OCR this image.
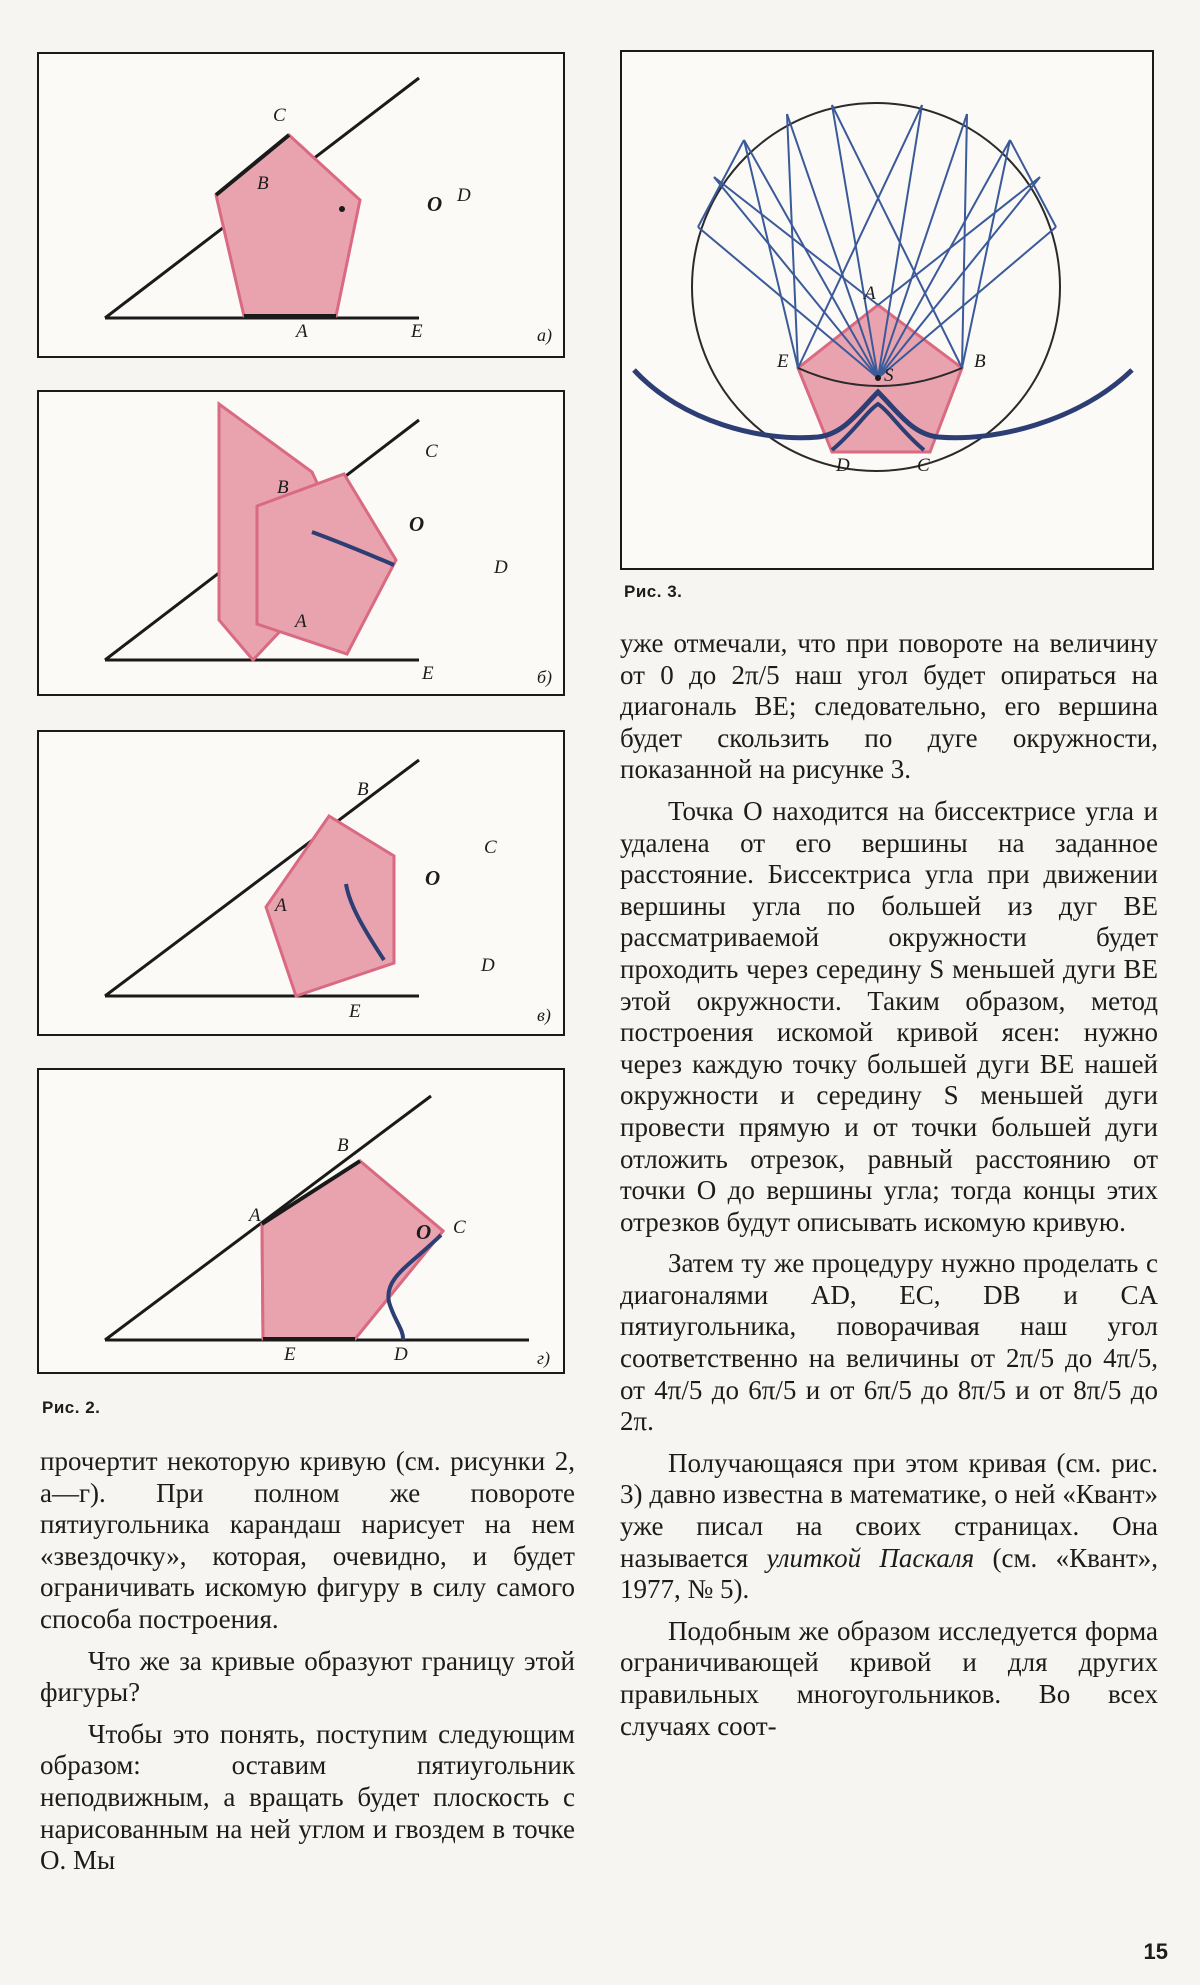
C
B
D
O
A	E	а)
C
B
O
D
A
E	б)
B
C
O
A
D
E	в)
B
A
O C
E	D	г)
Рис. 2.
A
E	B
S
D	C
Рис. 3.

прочертит некоторую кривую (см. рисунки 2, а—г). При полном же повороте пятиугольника карандаш нарисует на нем «звездочку», которая, очевидно, и будет ограничивать искомую фигуру в силу самого способа построения.

Что же за кривые образуют границу этой фигуры?

Чтобы это понять, поступим следующим образом: оставим пятиугольник неподвижным, а вращать будет плоскость с нарисованным на ней углом и гвоздем в точке О. Мы

уже отмечали, что при повороте на величину от 0 до 2π/5 наш угол будет опираться на диагональ BE; следовательно, его вершина будет скользить по дуге окружности, показанной на рисунке 3.

Точка О находится на биссектрисе угла и удалена от его вершины на заданное расстояние. Биссектриса угла при движении вершины угла по большей из дуг BE рассматриваемой окружности будет проходить через середину S меньшей дуги BE этой окружности. Таким образом, метод построения искомой кривой ясен: нужно через каждую точку большей дуги BE нашей окружности и середину S меньшей дуги провести прямую и от точки большей дуги отложить отрезок, равный расстоянию от точки О до вершины угла; тогда концы этих отрезков будут описывать искомую кривую.

Затем ту же процедуру нужно проделать с диагоналями AD, EC, DB и CA пятиугольника, поворачивая наш угол соответственно на величины от 2π/5 до 4π/5, от 4π/5 до 6π/5 и от 6π/5 до 8π/5 и от 8π/5 до 2π.

Получающаяся при этом кривая (см. рис. 3) давно известна в математике, о ней «Квант» уже писал на своих страницах. Она называется улиткой Паскаля (см. «Квант», 1977, № 5).

Подобным же образом исследуется форма ограничивающей кривой и для других правильных многоугольников. Во всех случаях соот-

15
